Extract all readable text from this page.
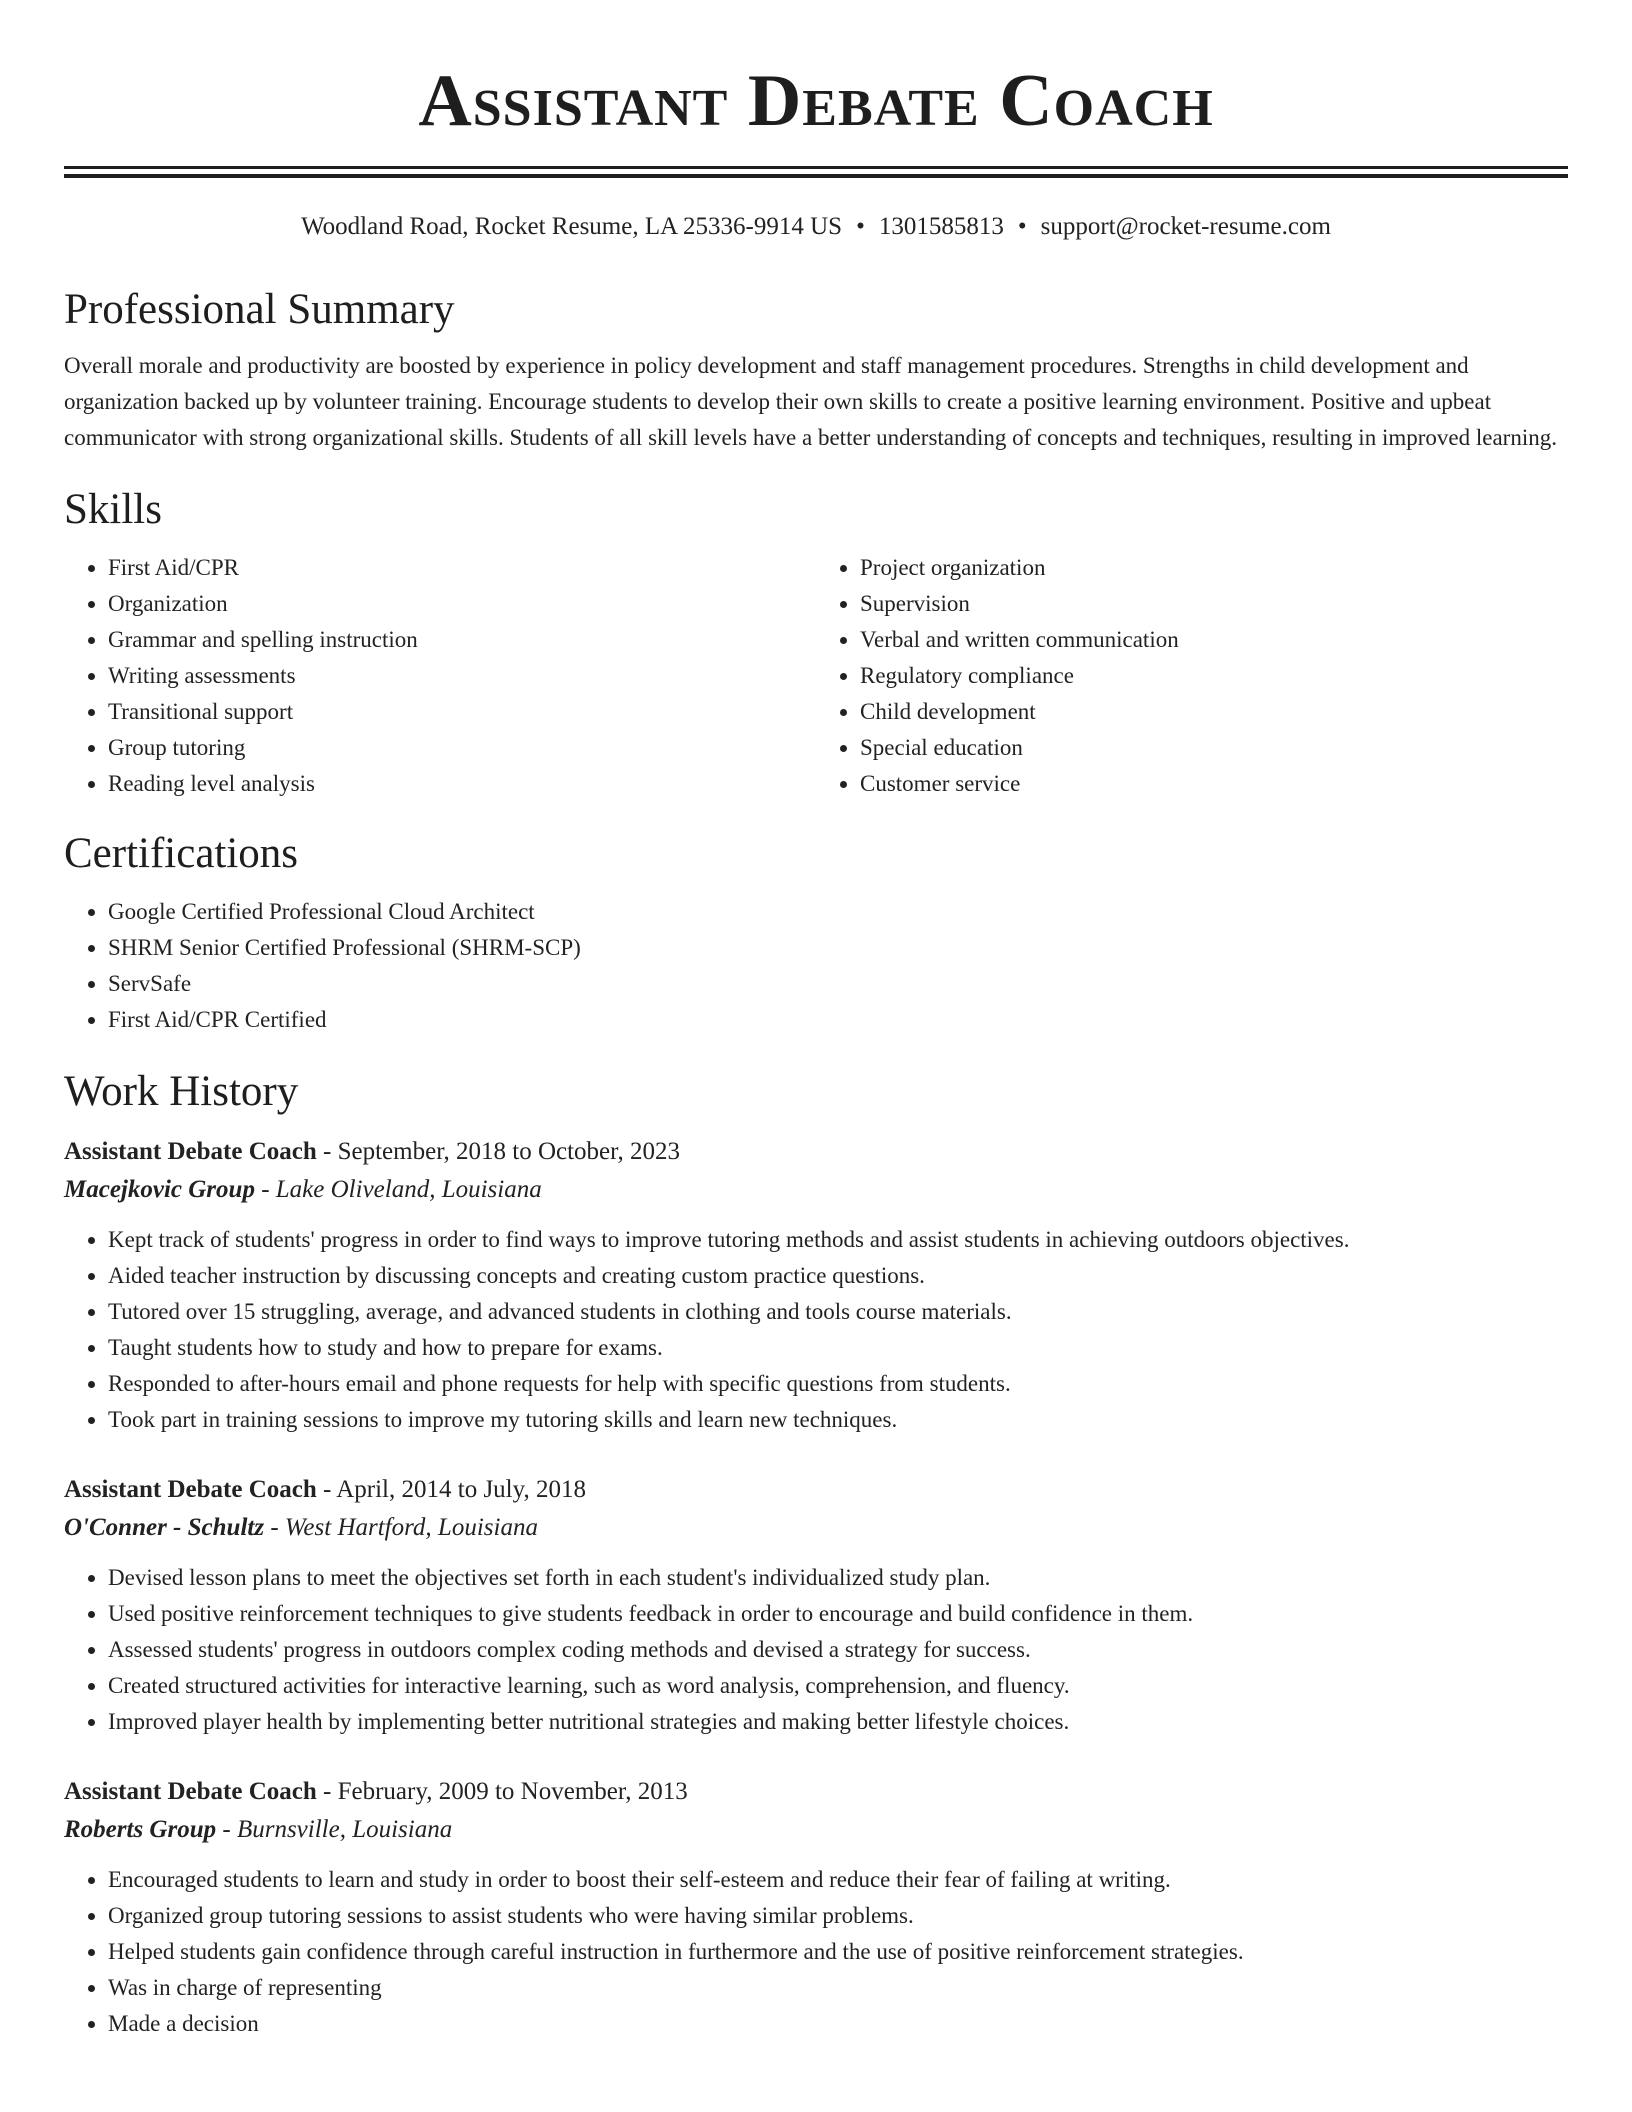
Assistant Debate Coach
Woodland Road, Rocket Resume, LA 25336-9914 US • 1301585813 • support@rocket-resume.com
Professional Summary

Overall morale and productivity are boosted by experience in policy development and staff management procedures. Strengths in child development and organization backed up by volunteer training. Encourage students to develop their own skills to create a positive learning environment. Positive and upbeat communicator with strong organizational skills. Students of all skill levels have a better understanding of concepts and techniques, resulting in improved learning.

Skills
• First Aid/CPR
• Organization
• Grammar and spelling instruction
• Writing assessments
• Transitional support
• Group tutoring
• Reading level analysis
• Project organization
• Supervision
• Verbal and written communication
• Regulatory compliance
• Child development
• Special education
• Customer service
Certifications
• Google Certified Professional Cloud Architect
• SHRM Senior Certified Professional (SHRM-SCP)
• ServSafe
• First Aid/CPR Certified
Work History
Assistant Debate Coach - September, 2018 to October, 2023
Macejkovic Group - Lake Oliveland, Louisiana
• Kept track of students' progress in order to find ways to improve tutoring methods and assist students in achieving outdoors objectives.
• Aided teacher instruction by discussing concepts and creating custom practice questions.
• Tutored over 15 struggling, average, and advanced students in clothing and tools course materials.
• Taught students how to study and how to prepare for exams.
• Responded to after-hours email and phone requests for help with specific questions from students.
• Took part in training sessions to improve my tutoring skills and learn new techniques.
Assistant Debate Coach - April, 2014 to July, 2018
O'Conner - Schultz - West Hartford, Louisiana
• Devised lesson plans to meet the objectives set forth in each student's individualized study plan.
• Used positive reinforcement techniques to give students feedback in order to encourage and build confidence in them.
• Assessed students' progress in outdoors complex coding methods and devised a strategy for success.
• Created structured activities for interactive learning, such as word analysis, comprehension, and fluency.
• Improved player health by implementing better nutritional strategies and making better lifestyle choices.
Assistant Debate Coach - February, 2009 to November, 2013
Roberts Group - Burnsville, Louisiana
• Encouraged students to learn and study in order to boost their self-esteem and reduce their fear of failing at writing.
• Organized group tutoring sessions to assist students who were having similar problems.
• Helped students gain confidence through careful instruction in furthermore and the use of positive reinforcement strategies.
• Was in charge of representing
• Made a decision
